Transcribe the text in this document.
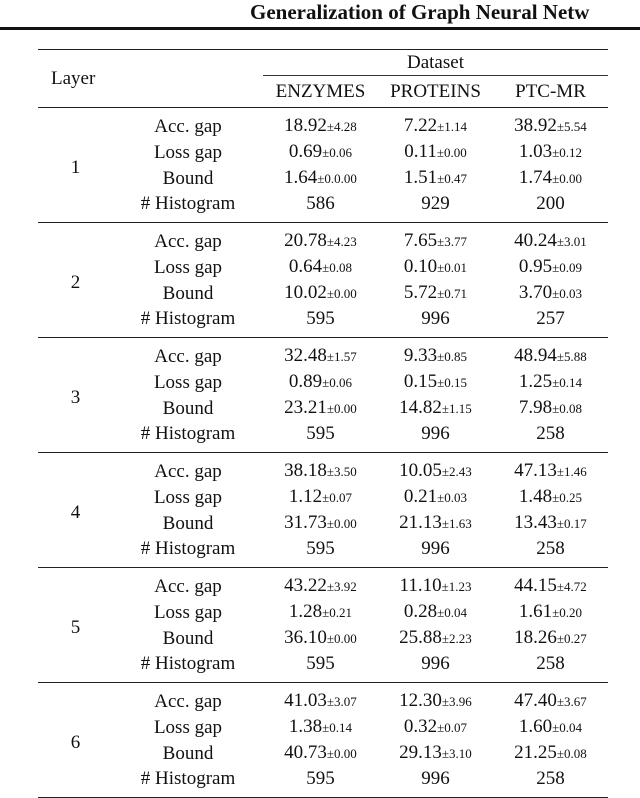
Generalization of Graph Neural Netw
Layer		Dataset		
		ENZYMES	PROTEINS	PTC-MR
1	Acc. gap	18.92±4.28	7.22±1.14	38.92±5.54
	Loss gap	0.69±0.06	0.11±0.00	1.03±0.12
	Bound	1.64±0.0.00	1.51±0.47	1.74±0.00
	# Histogram	586	929	200
2	Acc. gap	20.78±4.23	7.65±3.77	40.24±3.01
	Loss gap	0.64±0.08	0.10±0.01	0.95±0.09
	Bound	10.02±0.00	5.72±0.71	3.70±0.03
	# Histogram	595	996	257
3	Acc. gap	32.48±1.57	9.33±0.85	48.94±5.88
	Loss gap	0.89±0.06	0.15±0.15	1.25±0.14
	Bound	23.21±0.00	14.82±1.15	7.98±0.08
	# Histogram	595	996	258
4	Acc. gap	38.18±3.50	10.05±2.43	47.13±1.46
	Loss gap	1.12±0.07	0.21±0.03	1.48±0.25
	Bound	31.73±0.00	21.13±1.63	13.43±0.17
	# Histogram	595	996	258
5	Acc. gap	43.22±3.92	11.10±1.23	44.15±4.72
	Loss gap	1.28±0.21	0.28±0.04	1.61±0.20
	Bound	36.10±0.00	25.88±2.23	18.26±0.27
	# Histogram	595	996	258
6	Acc. gap	41.03±3.07	12.30±3.96	47.40±3.67
	Loss gap	1.38±0.14	0.32±0.07	1.60±0.04
	Bound	40.73±0.00	29.13±3.10	21.25±0.08
	# Histogram	595	996	258
